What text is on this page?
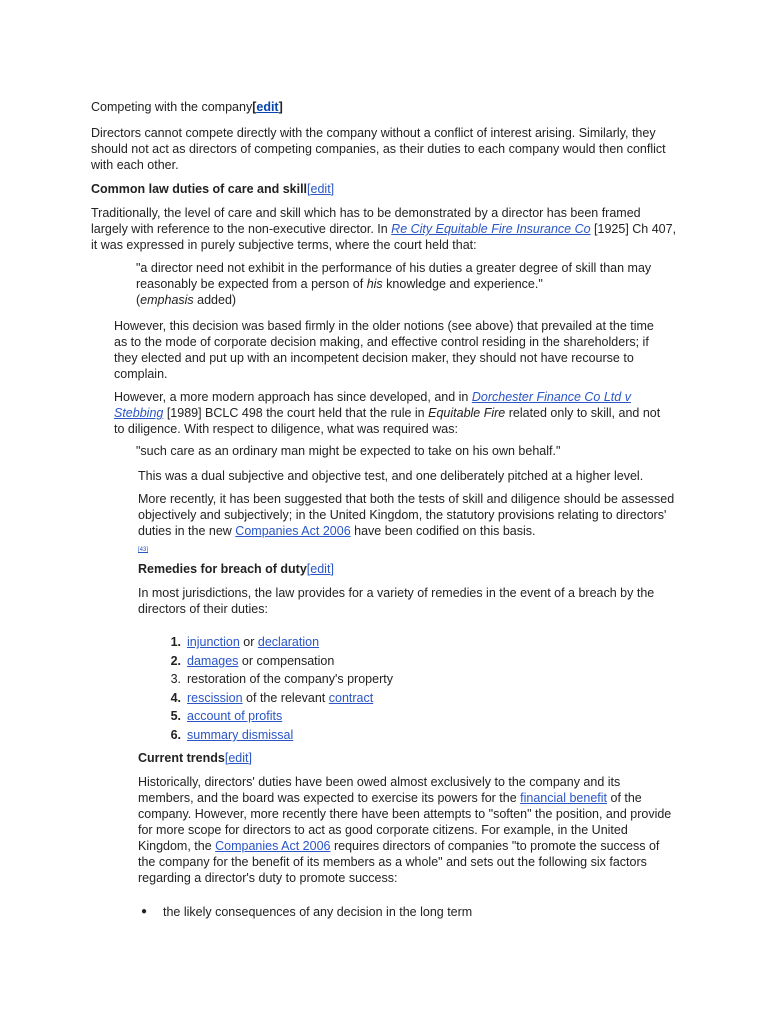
Competing with the company[edit]

Directors cannot compete directly with the company without a conflict of interest arising. Similarly, they should not act as directors of competing companies, as their duties to each company would then conflict with each other.

Common law duties of care and skill[edit]

Traditionally, the level of care and skill which has to be demonstrated by a director has been framed largely with reference to the non-executive director. In Re City Equitable Fire Insurance Co [1925] Ch 407, it was expressed in purely subjective terms, where the court held that:

"a director need not exhibit in the performance of his duties a greater degree of skill than may reasonably be expected from a person of his knowledge and experience."
(emphasis added)

However, this decision was based firmly in the older notions (see above) that prevailed at the time as to the mode of corporate decision making, and effective control residing in the shareholders; if they elected and put up with an incompetent decision maker, they should not have recourse to complain.

However, a more modern approach has since developed, and in Dorchester Finance Co Ltd v Stebbing [1989] BCLC 498 the court held that the rule in Equitable Fire related only to skill, and not to diligence. With respect to diligence, what was required was:

"such care as an ordinary man might be expected to take on his own behalf."

This was a dual subjective and objective test, and one deliberately pitched at a higher level.

More recently, it has been suggested that both the tests of skill and diligence should be assessed objectively and subjectively; in the United Kingdom, the statutory provisions relating to directors' duties in the new Companies Act 2006 have been codified on this basis.

[43]
Remedies for breach of duty[edit]

In most jurisdictions, the law provides for a variety of remedies in the event of a breach by the directors of their duties:

1. injunction or declaration
2. damages or compensation
3. restoration of the company's property
4. rescission of the relevant contract
5. account of profits
6. summary dismissal
Current trends[edit]

Historically, directors' duties have been owed almost exclusively to the company and its members, and the board was expected to exercise its powers for the financial benefit of the company. However, more recently there have been attempts to "soften" the position, and provide for more scope for directors to act as good corporate citizens. For example, in the United Kingdom, the Companies Act 2006 requires directors of companies "to promote the success of the company for the benefit of its members as a whole" and sets out the following six factors regarding a director's duty to promote success:

● the likely consequences of any decision in the long term
